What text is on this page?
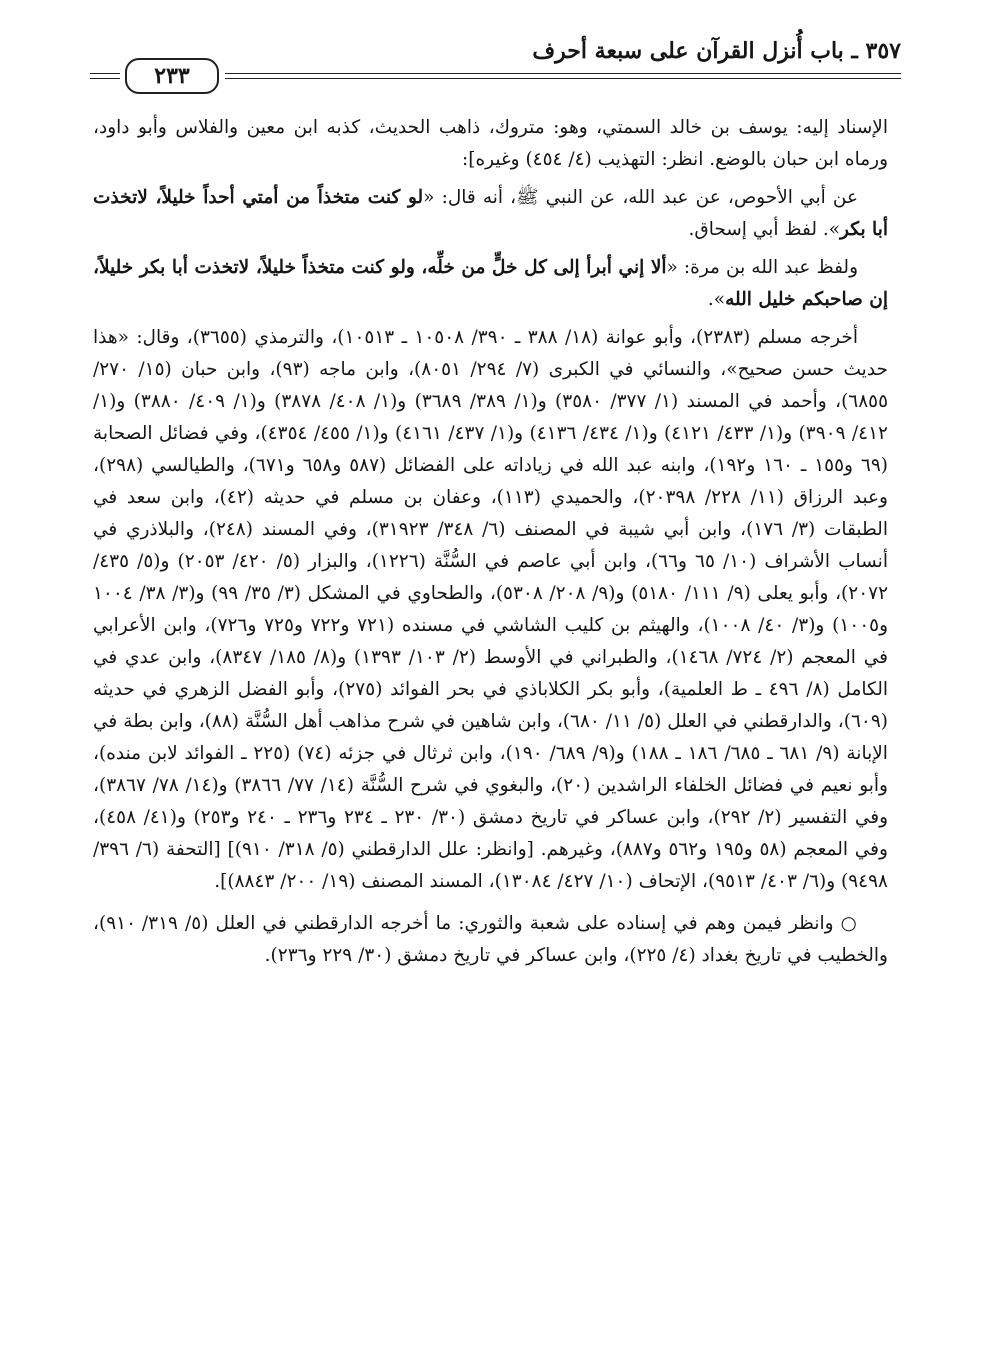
٣٥٧ ـ باب أُنزل القرآن على سبعة أحرف
٢٣٣

الإسناد إليه: يوسف بن خالد السمتي، وهو: متروك، ذاهب الحديث، كذبه ابن معين والفلاس وأبو داود، ورماه ابن حبان بالوضع. انظر: التهذيب (٤/ ٤٥٤) وغيره]:

عن أبي الأحوص، عن عبد الله، عن النبي ﷺ، أنه قال: «لو كنت متخذاً من أمتي أحداً خليلاً، لاتخذت أبا بكر». لفظ أبي إسحاق.

ولفظ عبد الله بن مرة: «ألا إني أبرأ إلى كل خلٍّ من خلِّه، ولو كنت متخذاً خليلاً، لاتخذت أبا بكر خليلاً، إن صاحبكم خليل الله».

أخرجه مسلم (٢٣٨٣)، وأبو عوانة (١٨/ ٣٨٨ ـ ٣٩٠/ ١٠٥٠٨ ـ ١٠٥١٣)، والترمذي (٣٦٥٥)، وقال: «هذا حديث حسن صحيح»، والنسائي في الكبرى (٧/ ٢٩٤/ ٨٠٥١)، وابن ماجه (٩٣)، وابن حبان (١٥/ ٢٧٠/ ٦٨٥٥)، وأحمد في المسند (١/ ٣٧٧/ ٣٥٨٠) و(١/ ٣٨٩/ ٣٦٨٩) و(١/ ٤٠٨/ ٣٨٧٨) و(١/ ٤٠٩/ ٣٨٨٠) و(١/ ٤١٢/ ٣٩٠٩) و(١/ ٤٣٣/ ٤١٢١) و(١/ ٤٣٤/ ٤١٣٦) و(١/ ٤٣٧/ ٤١٦١) و(١/ ٤٥٥/ ٤٣٥٤)، وفي فضائل الصحابة (٦٩ و١٥٥ ـ ١٦٠ و١٩٢)، وابنه عبد الله في زياداته على الفضائل (٥٨٧ و٦٥٨ و٦٧١)، والطيالسي (٢٩٨)، وعبد الرزاق (١١/ ٢٢٨/ ٢٠٣٩٨)، والحميدي (١١٣)، وعفان بن مسلم في حديثه (٤٢)، وابن سعد في الطبقات (٣/ ١٧٦)، وابن أبي شيبة في المصنف (٦/ ٣٤٨/ ٣١٩٢٣)، وفي المسند (٢٤٨)، والبلاذري في أنساب الأشراف (١٠/ ٦٥ و٦٦)، وابن أبي عاصم في السُّنَّة (١٢٢٦)، والبزار (٥/ ٤٢٠/ ٢٠٥٣) و(٥/ ٤٣٥/ ٢٠٧٢)، وأبو يعلى (٩/ ١١١/ ٥١٨٠) و(٩/ ٢٠٨/ ٥٣٠٨)، والطحاوي في المشكل (٣/ ٣٥/ ٩٩) و(٣/ ٣٨/ ١٠٠٤ و١٠٠٥) و(٣/ ٤٠/ ١٠٠٨)، والهيثم بن كليب الشاشي في مسنده (٧٢١ و٧٢٢ و٧٢٥ و٧٢٦)، وابن الأعرابي في المعجم (٢/ ٧٢٤/ ١٤٦٨)، والطبراني في الأوسط (٢/ ١٠٣/ ١٣٩٣) و(٨/ ١٨٥/ ٨٣٤٧)، وابن عدي في الكامل (٨/ ٤٩٦ ـ ط العلمية)، وأبو بكر الكلاباذي في بحر الفوائد (٢٧٥)، وأبو الفضل الزهري في حديثه (٦٠٩)، والدارقطني في العلل (٥/ ١١/ ٦٨٠)، وابن شاهين في شرح مذاهب أهل السُّنَّة (٨٨)، وابن بطة في الإبانة (٩/ ٦٨١ ـ ٦٨٥/ ١٨٦ ـ ١٨٨) و(٩/ ٦٨٩/ ١٩٠)، وابن ثرثال في جزئه (٧٤) (٢٢٥ ـ الفوائد لابن منده)، وأبو نعيم في فضائل الخلفاء الراشدين (٢٠)، والبغوي في شرح السُّنَّة (١٤/ ٧٧/ ٣٨٦٦) و(١٤/ ٧٨/ ٣٨٦٧)، وفي التفسير (٢/ ٢٩٢)، وابن عساكر في تاريخ دمشق (٣٠/ ٢٣٠ ـ ٢٣٤ و٢٣٦ ـ ٢٤٠ و٢٥٣) و(٤١/ ٤٥٨)، وفي المعجم (٥٨ و١٩٥ و٥٦٢ و٨٨٧)، وغيرهم. [وانظر: علل الدارقطني (٥/ ٣١٨/ ٩١٠)] [التحفة (٦/ ٣٩٦/ ٩٤٩٨) و(٦/ ٤٠٣/ ٩٥١٣)، الإتحاف (١٠/ ٤٢٧/ ١٣٠٨٤)، المسند المصنف (١٩/ ٢٠٠/ ٨٨٤٣)].

○ وانظر فيمن وهم في إسناده على شعبة والثوري: ما أخرجه الدارقطني في العلل (٥/ ٣١٩/ ٩١٠)، والخطيب في تاريخ بغداد (٤/ ٢٢٥)، وابن عساكر في تاريخ دمشق (٣٠/ ٢٢٩ و٢٣٦).
